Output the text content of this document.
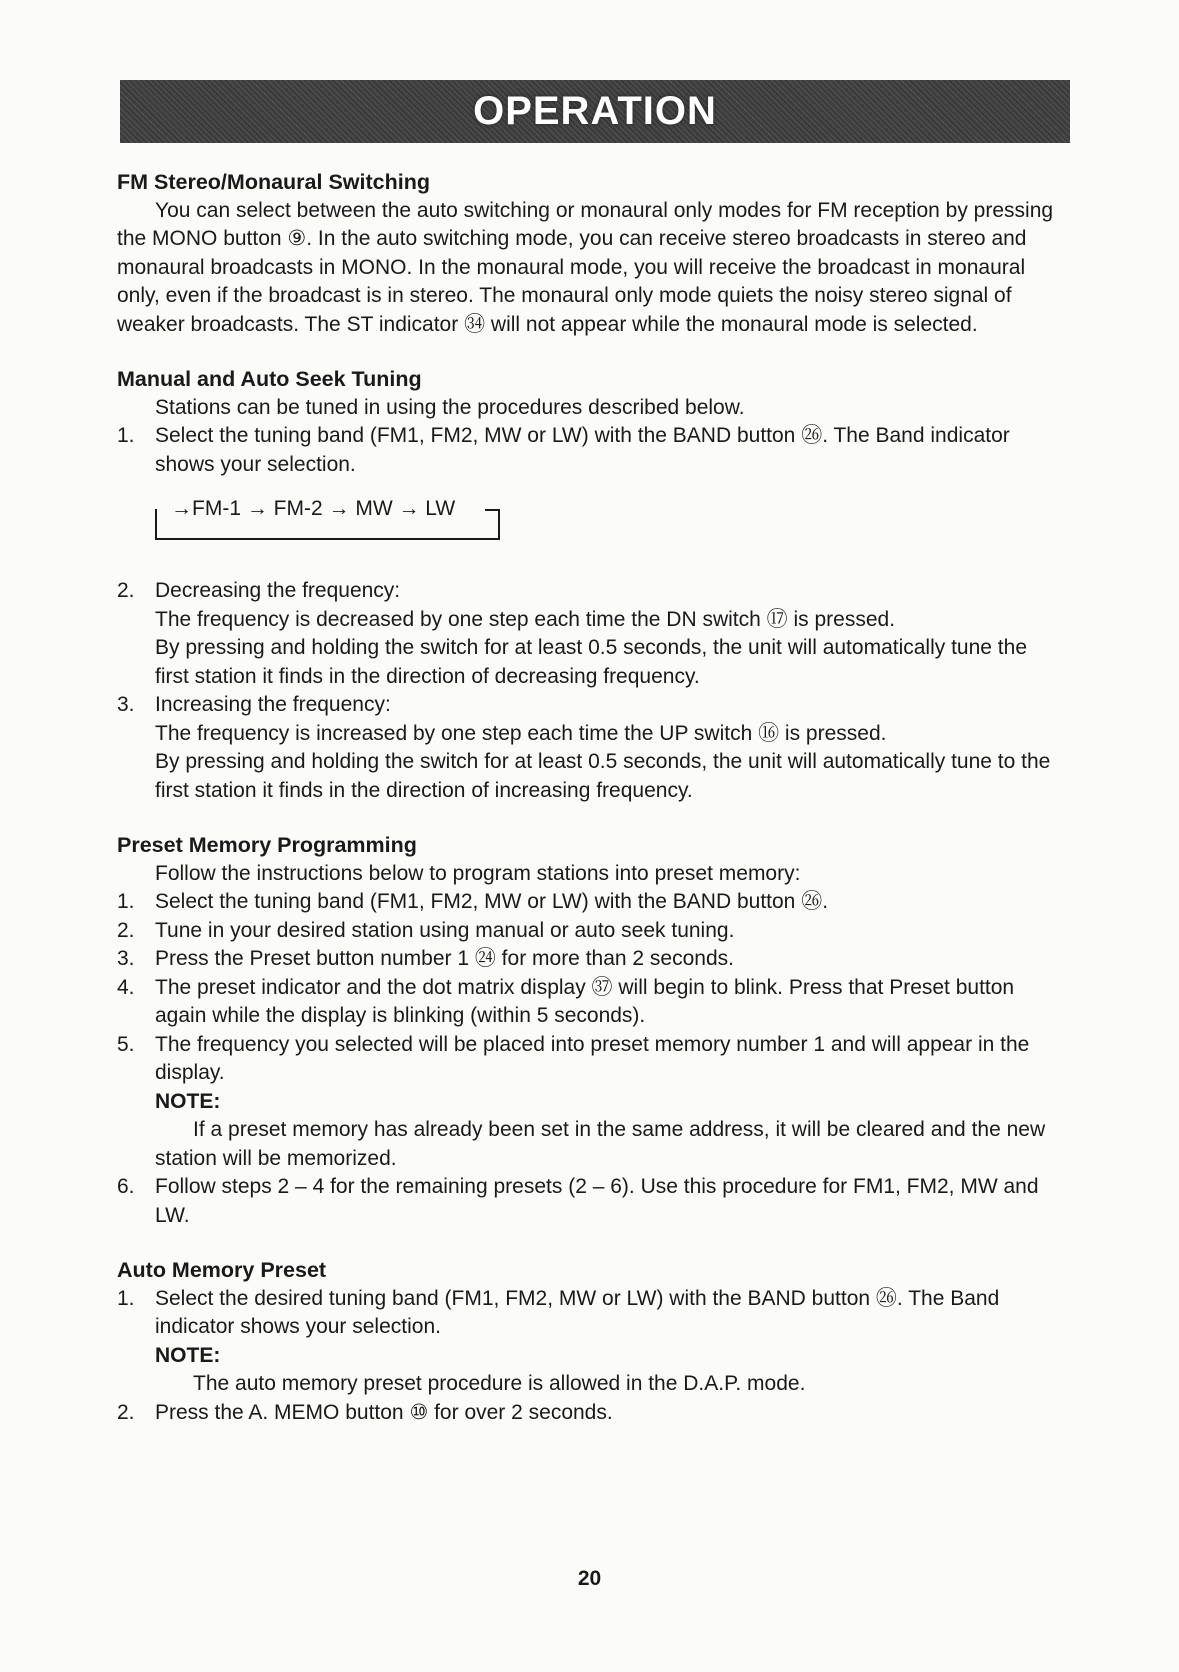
OPERATION
FM Stereo/Monaural Switching
You can select between the auto switching or monaural only modes for FM reception by pressing the MONO button ⑨. In the auto switching mode, you can receive stereo broadcasts in stereo and monaural broadcasts in MONO. In the monaural mode, you will receive the broadcast in monaural only, even if the broadcast is in stereo. The monaural only mode quiets the noisy stereo signal of weaker broadcasts. The ST indicator ㉞ will not appear while the monaural mode is selected.
Manual and Auto Seek Tuning
Stations can be tuned in using the procedures described below.
1. Select the tuning band (FM1, FM2, MW or LW) with the BAND button ㉖. The Band indicator shows your selection.
→FM-1 → FM-2 → MW → LW
2. Decreasing the frequency:
The frequency is decreased by one step each time the DN switch ⑰ is pressed.
By pressing and holding the switch for at least 0.5 seconds, the unit will automatically tune the first station it finds in the direction of decreasing frequency.
3. Increasing the frequency:
The frequency is increased by one step each time the UP switch ⑯ is pressed.
By pressing and holding the switch for at least 0.5 seconds, the unit will automatically tune to the first station it finds in the direction of increasing frequency.
Preset Memory Programming
Follow the instructions below to program stations into preset memory:
1. Select the tuning band (FM1, FM2, MW or LW) with the BAND button ㉖.
2. Tune in your desired station using manual or auto seek tuning.
3. Press the Preset button number 1 ㉔ for more than 2 seconds.
4. The preset indicator and the dot matrix display ㊲ will begin to blink. Press that Preset button again while the display is blinking (within 5 seconds).
5. The frequency you selected will be placed into preset memory number 1 and will appear in the display.
NOTE:
If a preset memory has already been set in the same address, it will be cleared and the new station will be memorized.
6. Follow steps 2 – 4 for the remaining presets (2 – 6). Use this procedure for FM1, FM2, MW and LW.
Auto Memory Preset
1. Select the desired tuning band (FM1, FM2, MW or LW) with the BAND button ㉖. The Band indicator shows your selection.
NOTE:
The auto memory preset procedure is allowed in the D.A.P. mode.
2. Press the A. MEMO button ⑩ for over 2 seconds.
20
